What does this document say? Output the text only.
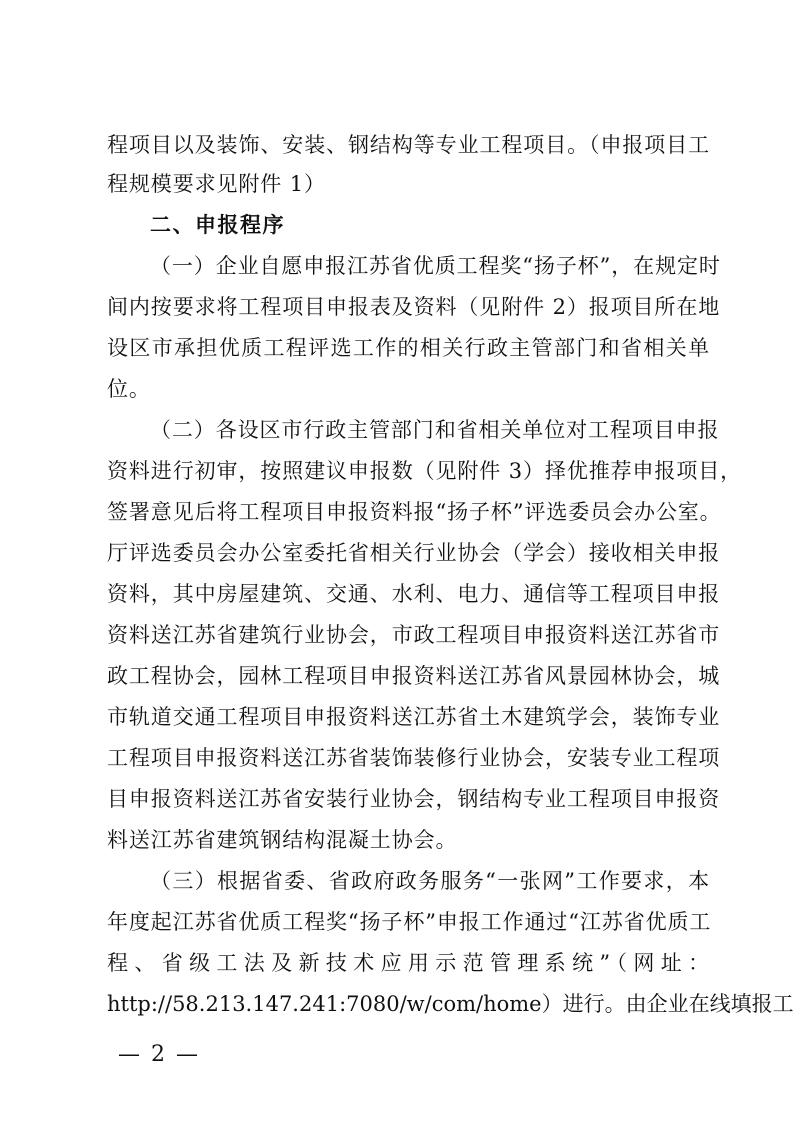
程项目以及装饰、安装、钢结构等专业工程项目。（申报项目工
程规模要求见附件 1）
二、申报程序
（一）企业自愿申报江苏省优质工程奖“扬子杯”，在规定时
间内按要求将工程项目申报表及资料（见附件 2）报项目所在地
设区市承担优质工程评选工作的相关行政主管部门和省相关单
位。
（二）各设区市行政主管部门和省相关单位对工程项目申报
资料进行初审，按照建议申报数（见附件 3）择优推荐申报项目，
签署意见后将工程项目申报资料报“扬子杯”评选委员会办公室。
厅评选委员会办公室委托省相关行业协会（学会）接收相关申报
资料，其中房屋建筑、交通、水利、电力、通信等工程项目申报
资料送江苏省建筑行业协会，市政工程项目申报资料送江苏省市
政工程协会，园林工程项目申报资料送江苏省风景园林协会，城
市轨道交通工程项目申报资料送江苏省土木建筑学会，装饰专业
工程项目申报资料送江苏省装饰装修行业协会，安装专业工程项
目申报资料送江苏省安装行业协会，钢结构专业工程项目申报资
料送江苏省建筑钢结构混凝土协会。
（三）根据省委、省政府政务服务“一张网”工作要求，本
年度起江苏省优质工程奖“扬子杯”申报工作通过“江苏省优质工
程、省级工法及新技术应用示范管理系统”（网址：
http://58.213.147.241:7080/w/com/home）进行。由企业在线填报工
— 2 —
